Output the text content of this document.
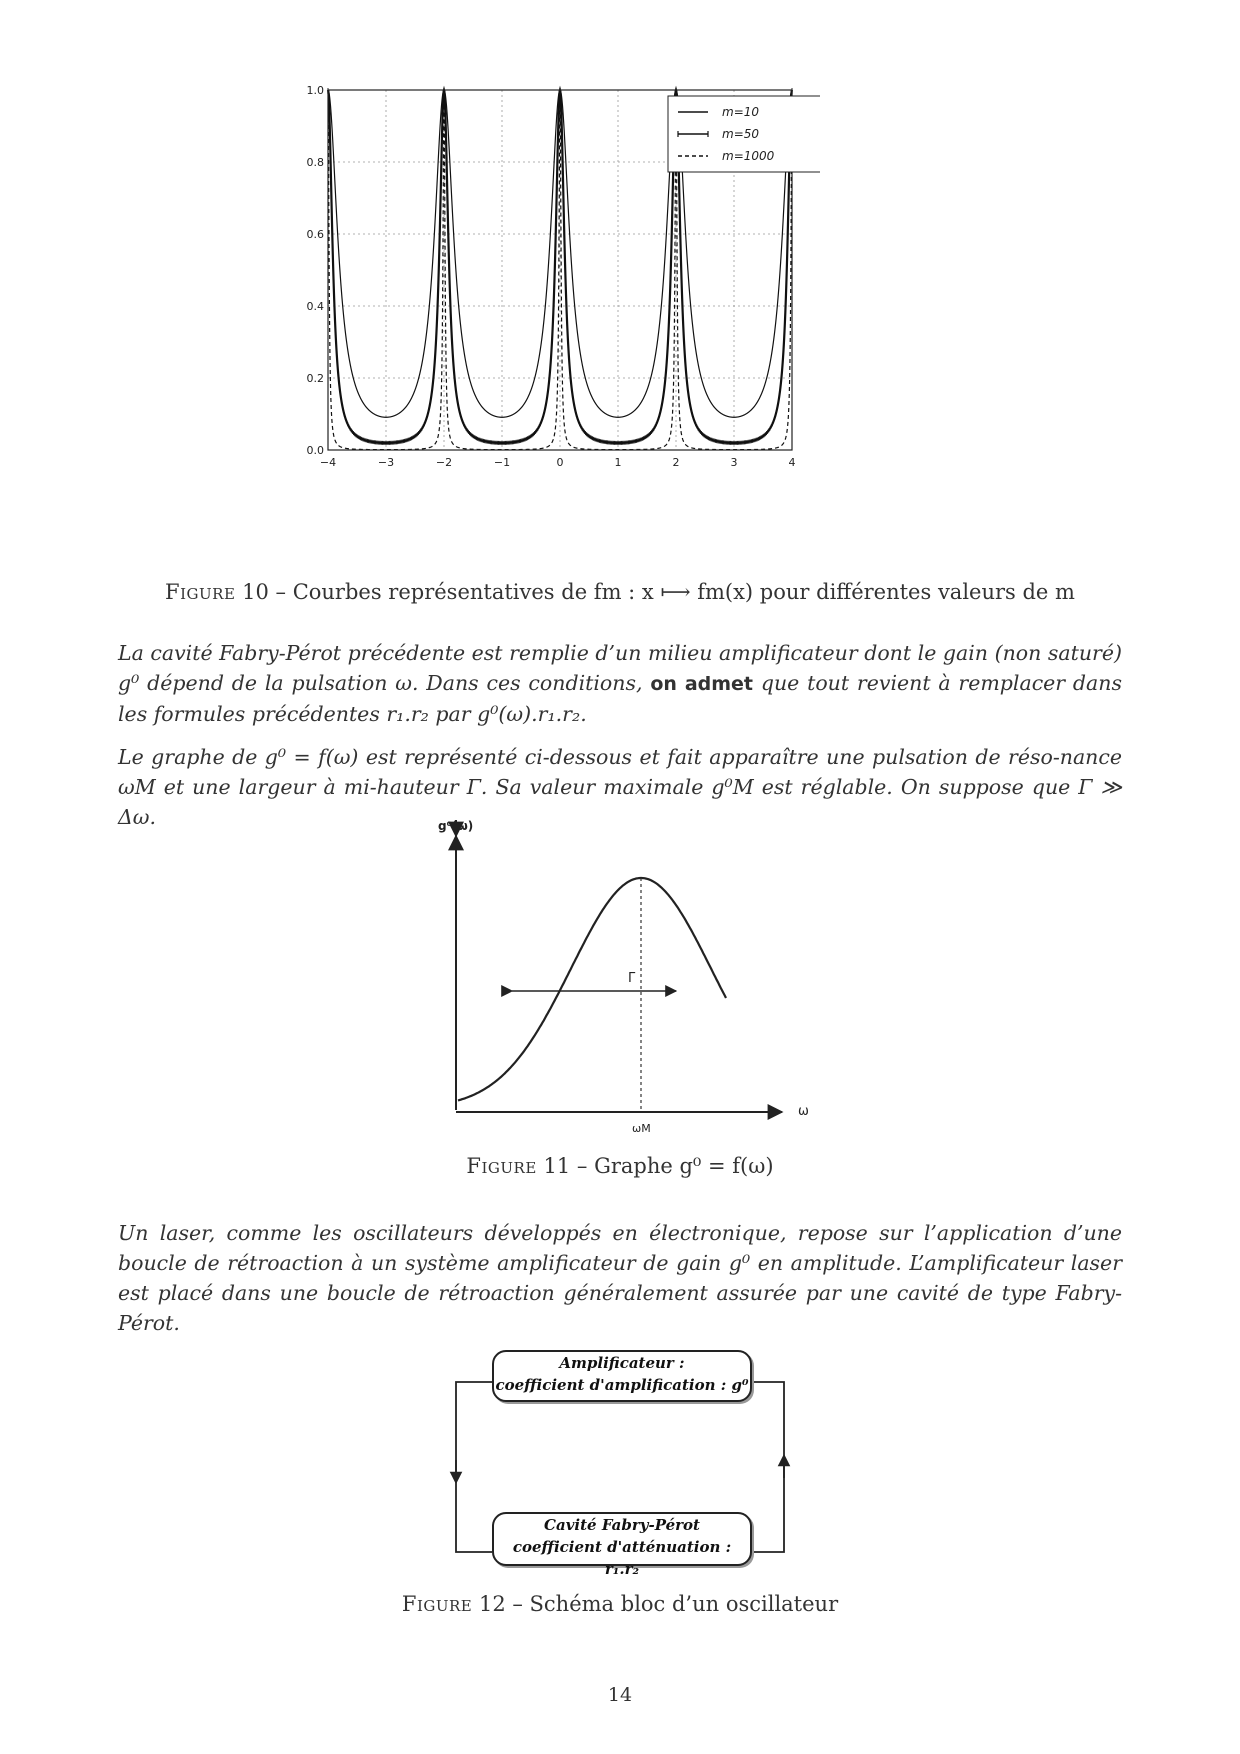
−4	−3	−2	−1	0	1	2	3	4
0.0
0.2
0.4
0.6
0.8
1.0
m=10
m=50
m=1000
Figure 10 – Courbes représentatives de fm : x ⟼ fm(x) pour différentes valeurs de m
La cavité Fabry-Pérot précédente est remplie d’un milieu amplificateur dont le gain (non saturé) g⁰ dépend de la pulsation ω. Dans ces conditions, on admet que tout revient à remplacer dans les formules précédentes r₁.r₂ par g⁰(ω).r₁.r₂.
Le graphe de g⁰ = f(ω) est représenté ci-dessous et fait apparaître une pulsation de réso-nance ωM et une largeur à mi-hauteur Γ. Sa valeur maximale g⁰M est réglable. On suppose que Γ ≫ Δω.
Γ
g⁰(ω)
ω
ωM
Figure 11 – Graphe g⁰ = f(ω)
Un laser, comme les oscillateurs développés en électronique, repose sur l’application d’une boucle de rétroaction à un système amplificateur de gain g⁰ en amplitude. L’amplificateur laser est placé dans une boucle de rétroaction généralement assurée par une cavité de type Fabry-Pérot.
Amplificateur :
coefficient d'amplification : g⁰
Cavité Fabry-Pérot
coefficient d'atténuation : r₁.r₂
Figure 12 – Schéma bloc d’un oscillateur
14
